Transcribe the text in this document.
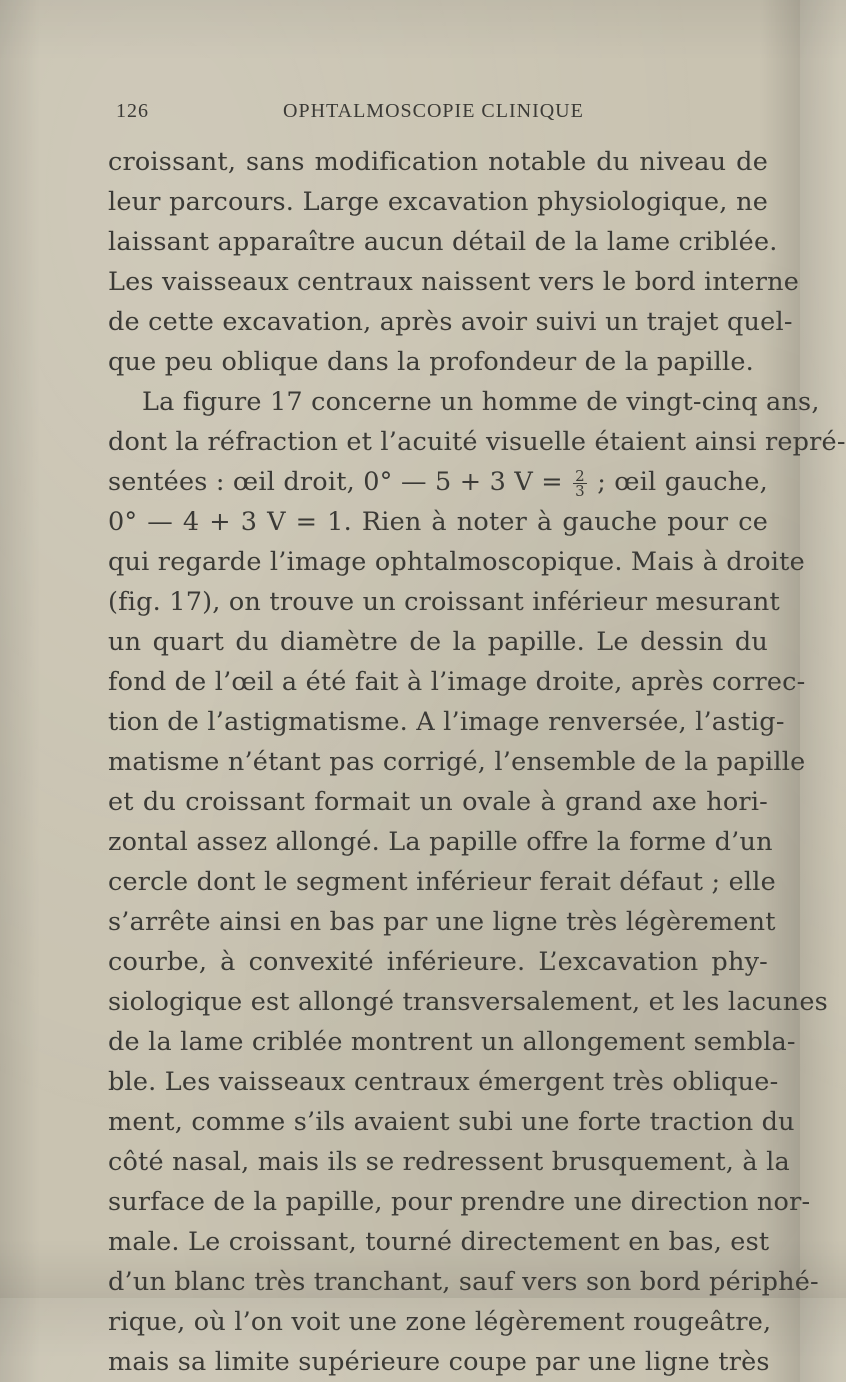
126	OPHTALMOSCOPIE CLINIQUE
croissant, sans modification notable du niveau de
leur parcours. Large excavation physiologique, ne
laissant apparaître aucun détail de la lame criblée.
Les vaisseaux centraux naissent vers le bord interne
de cette excavation, après avoir suivi un trajet quel-
que peu oblique dans la profondeur de la papille.
La figure 17 concerne un homme de vingt-cinq ans,
dont la réfraction et l’acuité visuelle étaient ainsi repré-
sentées : œil droit, 0° — 5 + 3 $V = \frac{2}{3}$ ; œil gauche,
0° — 4 + 3 V = 1. Rien à noter à gauche pour ce
qui regarde l’image ophtalmoscopique. Mais à droite
(fig. 17), on trouve un croissant inférieur mesurant
un quart du diamètre de la papille. Le dessin du
fond de l’œil a été fait à l’image droite, après correc-
tion de l’astigmatisme. A l’image renversée, l’astig-
matisme n’étant pas corrigé, l’ensemble de la papille
et du croissant formait un ovale à grand axe hori-
zontal assez allongé. La papille offre la forme d’un
cercle dont le segment inférieur ferait défaut ; elle
s’arrête ainsi en bas par une ligne très légèrement
courbe, à convexité inférieure. L’excavation phy-
siologique est allongé transversalement, et les lacunes
de la lame criblée montrent un allongement sembla-
ble. Les vaisseaux centraux émergent très oblique-
ment, comme s’ils avaient subi une forte traction du
côté nasal, mais ils se redressent brusquement, à la
surface de la papille, pour prendre une direction nor-
male. Le croissant, tourné directement en bas, est
d’un blanc très tranchant, sauf vers son bord périphé-
rique, où l’on voit une zone légèrement rougeâtre,
mais sa limite supérieure coupe par une ligne très
